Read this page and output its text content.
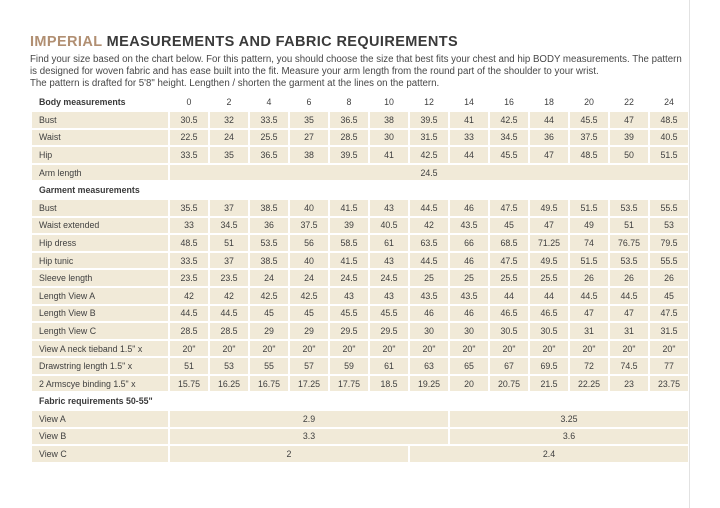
IMPERIAL MEASUREMENTS AND FABRIC REQUIREMENTS
Find your size based on the chart below. For this pattern, you should choose the size that best fits your chest and hip BODY measurements. The pattern
is designed for woven fabric and has ease built into the fit. Measure your arm length from the round part of the shoulder to your wrist.
The pattern is drafted for 5'8" height. Lengthen / shorten the garment at the lines on the pattern.
Body measurements	0	2	4	6	8	10	12	14	16	18	20	22	24
Bust	30.5	32	33.5	35	36.5	38	39.5	41	42.5	44	45.5	47	48.5
Waist	22.5	24	25.5	27	28.5	30	31.5	33	34.5	36	37.5	39	40.5
Hip	33.5	35	36.5	38	39.5	41	42.5	44	45.5	47	48.5	50	51.5
Arm length	24.5												
Garment measurements													
Bust	35.5	37	38.5	40	41.5	43	44.5	46	47.5	49.5	51.5	53.5	55.5
Waist extended	33	34.5	36	37.5	39	40.5	42	43.5	45	47	49	51	53
Hip dress	48.5	51	53.5	56	58.5	61	63.5	66	68.5	71.25	74	76.75	79.5
Hip tunic	33.5	37	38.5	40	41.5	43	44.5	46	47.5	49.5	51.5	53.5	55.5
Sleeve length	23.5	23.5	24	24	24.5	24.5	25	25	25.5	25.5	26	26	26
Length View A	42	42	42.5	42.5	43	43	43.5	43.5	44	44	44.5	44.5	45
Length View B	44.5	44.5	45	45	45.5	45.5	46	46	46.5	46.5	47	47	47.5
Length View C	28.5	28.5	29	29	29.5	29.5	30	30	30.5	30.5	31	31	31.5
View A neck tieband 1.5" x	20"	20"	20"	20"	20"	20"	20"	20"	20"	20"	20"	20"	20"
Drawstring length 1.5" x	51	53	55	57	59	61	63	65	67	69.5	72	74.5	77
2 Armscye binding 1.5" x	15.75	16.25	16.75	17.25	17.75	18.5	19.25	20	20.75	21.5	22.25	23	23.75
Fabric requirements 50-55"													
View A	2.9							3.25					
View B	3.3							3.6					
View C	2						2.4						
